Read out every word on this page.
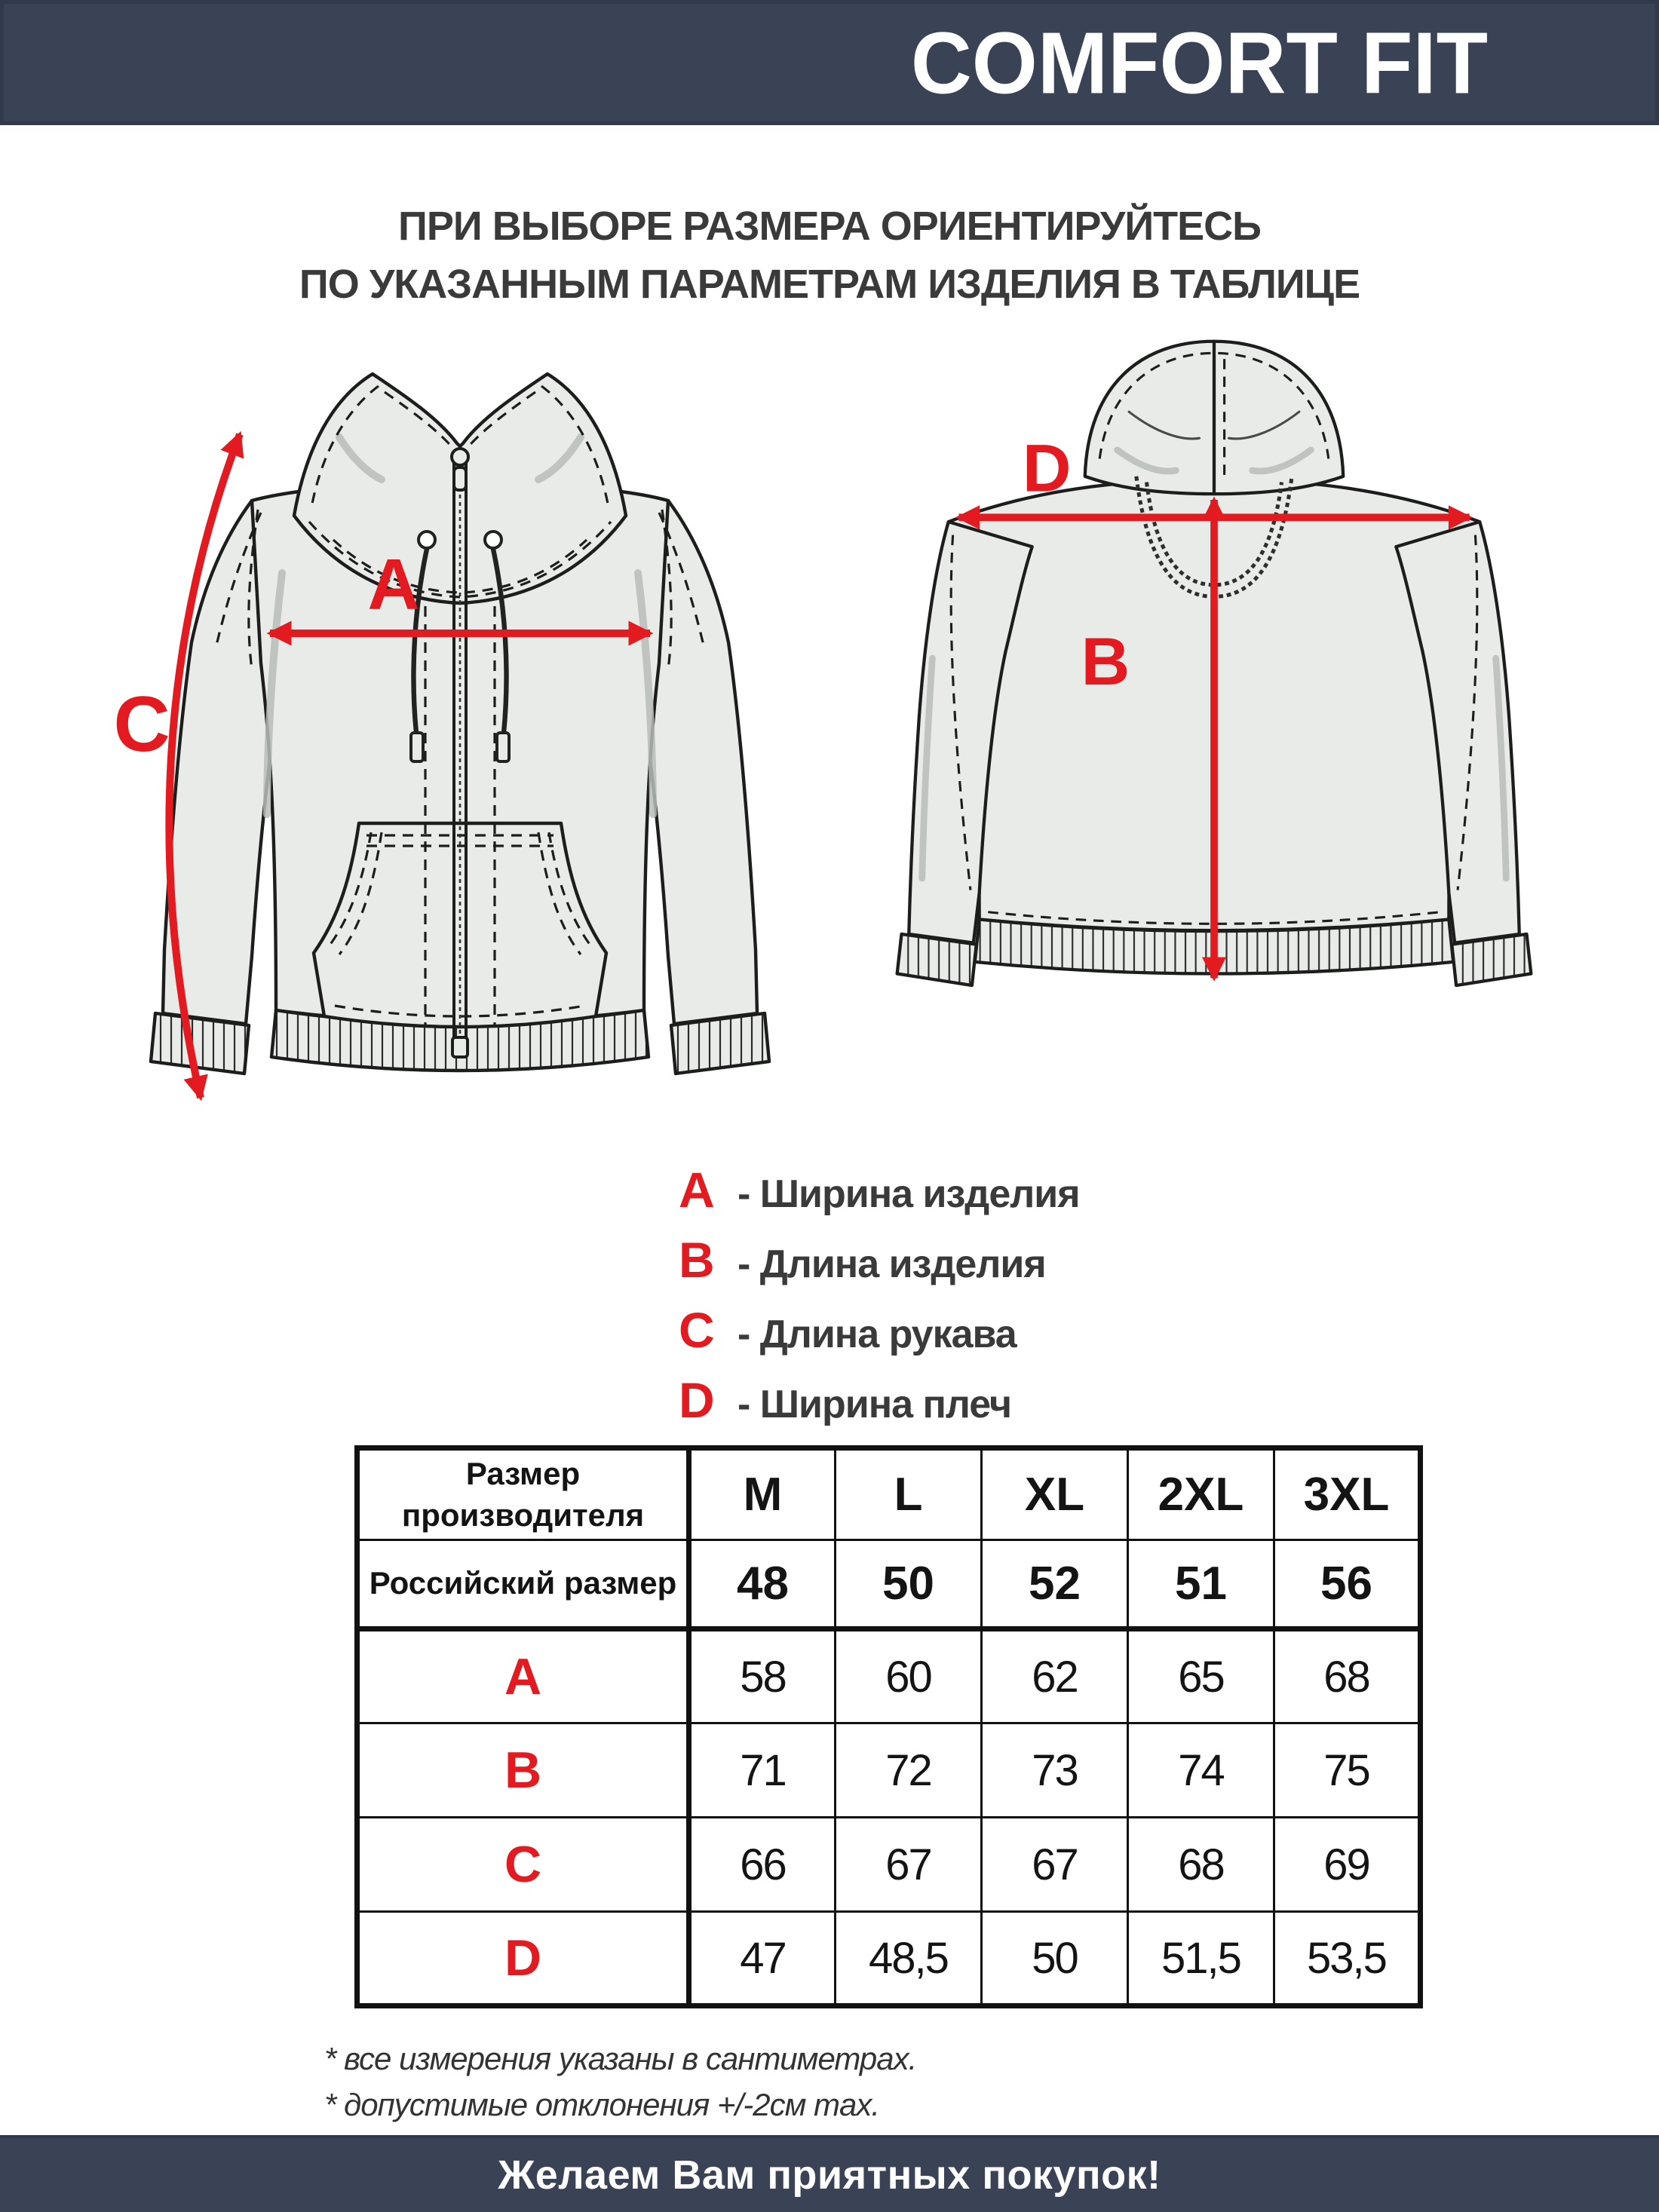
COMFORT FIT
ПРИ ВЫБОРЕ РАЗМЕРА ОРИЕНТИРУЙТЕСЬ
ПО УКАЗАННЫМ ПАРАМЕТРАМ ИЗДЕЛИЯ В ТАБЛИЦЕ
A
C
D
B
A - Ширина изделия
B - Длина изделия
C - Длина рукава
D - Ширина плеч
Размер производителя	M	L	XL	2XL	3XL
Российский размер	48	50	52	51	56
A	58	60	62	65	68
B	71	72	73	74	75
C	66	67	67	68	69
D	47	48,5	50	51,5	53,5
* все измерения указаны в сантиметрах.
* допустимые отклонения +/-2см max.
Желаем Вам приятных покупок!
